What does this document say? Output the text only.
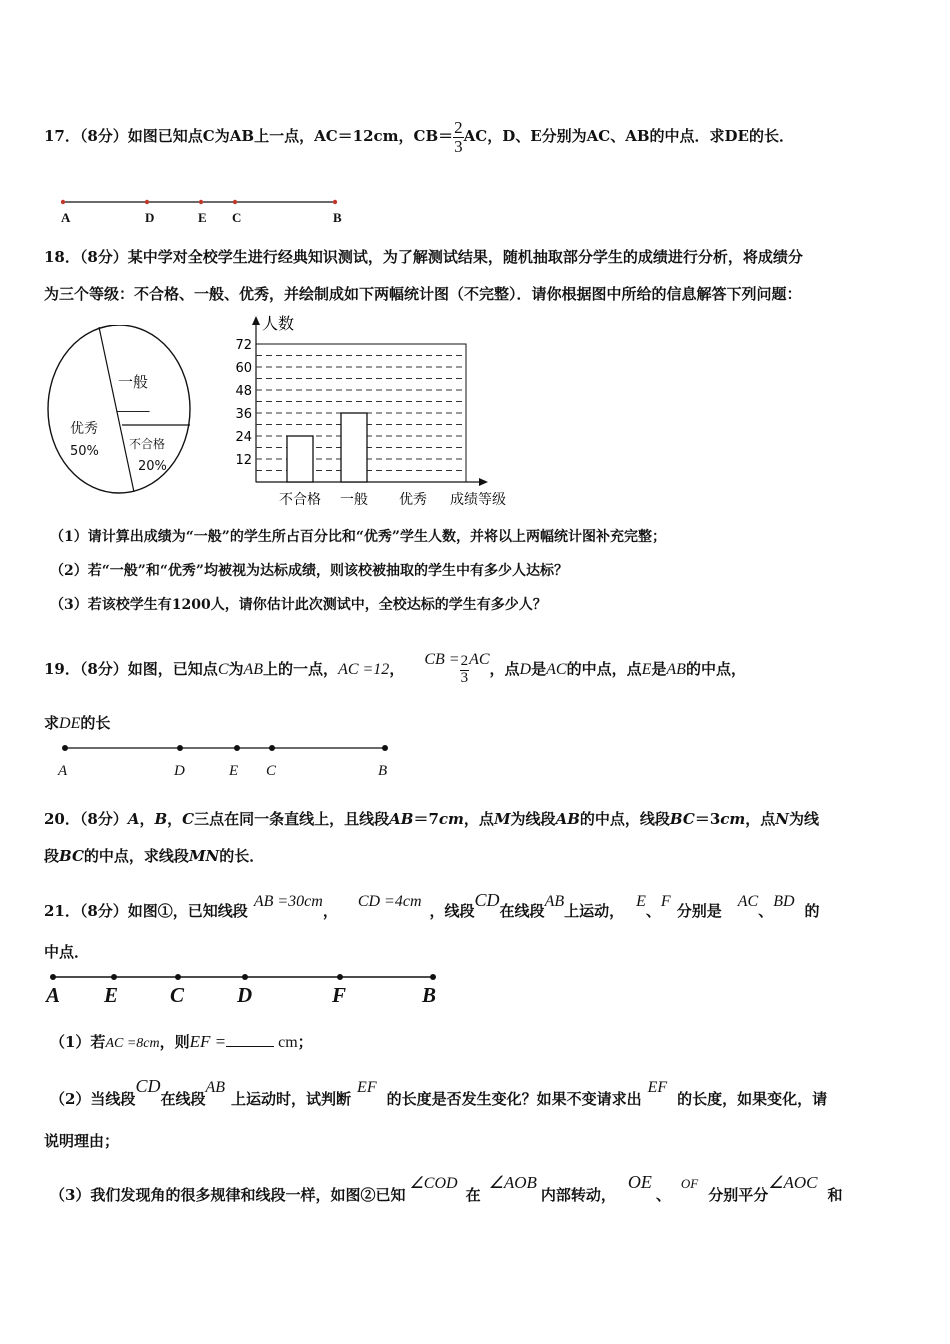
17．（8分）如图已知点C为AB上一点，AC＝12cm，$CB= \frac{2}{3}$ AC，D、E分别为AC、AB的中点．求DE的长．
A	D	E C	B
18．（8分）某中学对全校学生进行经典知识测试，为了解测试结果，随机抽取部分学生的成绩进行分析，将成绩分
为三个等级：不合格、一般、优秀，并绘制成如下两幅统计图（不完整）．请你根据图中所给的信息解答下列问题：
一般
_____
优秀
50%	不合格
20%	12
24
36
48
60
72
不合格 一般 优秀
人数
成绩等级
（1）请计算出成绩为“一般”的学生所占百分比和“优秀”学生人数，并将以上两幅统计图补充完整；
（2）若“一般”和“优秀”均被视为达标成绩，则该校被抽取的学生中有多少人达标？
（3）若该校学生有1200人，请你估计此次测试中，全校达标的学生有多少人？
19．（8分）如图，已知点C为AB上的一点，AC =12，CB = $\frac{2}{3}$ AC，点D是AC的中点，点E是AB的中点，
求DE的长
A	D	E C	B
20．（8分）A，B，C三点在同一条直线上，且线段AB＝7cm，点M为线段AB的中点，线段BC＝3cm，点N为线
段BC的中点，求线段MN的长．
21．（8分）如图①，已知线段AB =30cm，CD =4cm，线段CD在线段AB上运动，E、F分别是AC、BD的
中点．
A E C	D	F	B
（1）若AC =8cm，则EF =	cm；
（2）当线段CD在线段AB上运动时，试判断EF的长度是否发生变化？如果不变请求出EF的长度，如果变化，请
说明理由；
（3）我们发现角的很多规律和线段一样，如图②已知∠COD在∠AOB内部转动，OE、OF分别平分∠AOC和
